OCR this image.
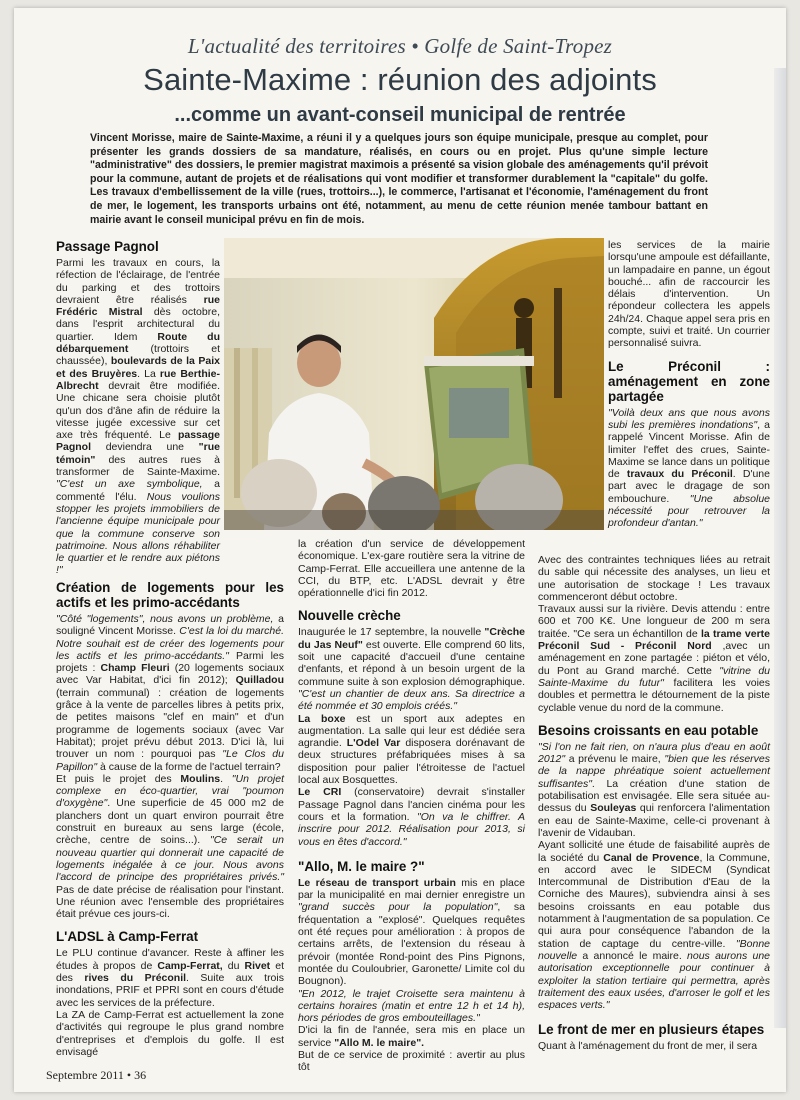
L'actualité des territoires • Golfe de Saint-Tropez
Sainte-Maxime : réunion des adjoints
...comme un avant-conseil municipal de rentrée

Vincent Morisse, maire de Sainte-Maxime, a réuni il y a quelques jours son équipe municipale, presque au complet, pour présenter les grands dossiers de sa mandature, réalisés, en cours ou en projet. Plus qu'une simple lecture "administrative" des dossiers, le premier magistrat maximois a présenté sa vision globale des aménagements qu'il prévoit pour la commune, autant de projets et de réalisations qui vont modifier et transformer durablement la "capitale" du golfe. Les travaux d'embellissement de la ville (rues, trottoirs...), le commerce, l'artisanat et l'économie, l'aménagement du front de mer, le logement, les transports urbains ont été, notamment, au menu de cette réunion menée tambour battant en mairie avant le conseil municipal prévu en fin de mois.

Passage Pagnol

Parmi les travaux en cours, la réfection de l'éclairage, de l'entrée du parking et des trottoirs devraient être réalisés rue Frédéric Mistral dès octobre, dans l'esprit architectural du quartier. Idem Route du débarquement (trottoirs et chaussée), boulevards de la Paix et des Bruyères. La rue Berthie-Albrecht devrait être modifiée. Une chicane sera choisie plutôt qu'un dos d'âne afin de réduire la vitesse jugée excessive sur cet axe très fréquenté. Le passage Pagnol deviendra une "rue témoin" des autres rues à transformer de Sainte-Maxime. "C'est un axe symbolique, a commenté l'élu. Nous voulions stopper les projets immobiliers de l'ancienne équipe municipale pour que la commune conserve son patrimoine. Nous allons réhabiliter le quartier et le rendre aux piétons !"

Création de logements pour les actifs et les primo-accédants

"Côté "logements", nous avons un problème, a souligné Vincent Morisse. C'est la loi du marché. Notre souhait est de créer des logements pour les actifs et les primo-accédants." Parmi les projets : Champ Fleuri (20 logements sociaux avec Var Habitat, d'ici fin 2012); Quilladou (terrain communal) : création de logements grâce à la vente de parcelles libres à petits prix, de petites maisons "clef en main" et d'un programme de logements sociaux (avec Var Habitat); projet prévu début 2013. D'ici là, lui trouver un nom : pourquoi pas "Le Clos du Papillon" à cause de la forme de l'actuel terrain?

Et puis le projet des Moulins. "Un projet complexe en éco-quartier, vrai "poumon d'oxygène". Une superficie de 45 000 m2 de planchers dont un quart environ pourrait être construit en bureaux au sens large (école, crèche, centre de soins...). "Ce serait un nouveau quartier qui donnerait une capacité de logements inégalée à ce jour. Nous avons l'accord de principe des propriétaires privés." Pas de date précise de réalisation pour l'instant. Une réunion avec l'ensemble des propriétaires était prévue ces jours-ci.

L'ADSL à Camp-Ferrat

Le PLU continue d'avancer. Reste à affiner les études à propos de Camp-Ferrat, du Rivet et des rives du Préconil. Suite aux trois inondations, PRIF et PPRI sont en cours d'étude avec les services de la préfecture.

La ZA de Camp-Ferrat est actuellement la zone d'activités qui regroupe le plus grand nombre d'entreprises et d'emplois du golfe. Il est envisagé

la création d'un service de développement économique. L'ex-gare routière sera la vitrine de Camp-Ferrat. Elle accueillera une antenne de la CCI, du BTP, etc. L'ADSL devrait y être opérationnelle d'ici fin 2012.

Nouvelle crèche

Inaugurée le 17 septembre, la nouvelle "Crèche du Jas Neuf" est ouverte. Elle comprend 60 lits, soit une capacité d'accueil d'une centaine d'enfants, et répond à un besoin urgent de la commune suite à son explosion démographique. "C'est un chantier de deux ans. Sa directrice a été nommée et 30 emplois créés."

La boxe est un sport aux adeptes en augmentation. La salle qui leur est dédiée sera agrandie. L'Odel Var disposera dorénavant de deux structures préfabriquées mises à sa disposition pour palier l'étroitesse de l'actuel local aux Bosquettes.

Le CRI (conservatoire) devrait s'installer Passage Pagnol dans l'ancien cinéma pour les cours et la formation. "On va le chiffrer. A inscrire pour 2012. Réalisation pour 2013, si vous en êtes d'accord."

"Allo, M. le maire ?"

Le réseau de transport urbain mis en place par la municipalité en mai dernier enregistre un "grand succès pour la population", sa fréquentation a "explosé". Quelques requêtes ont été reçues pour amélioration : à propos de certains arrêts, de l'extension du réseau à prévoir (montée Rond-point des Pins Pignons, montée du Couloubrier, Garonette/ Limite col du Bougnon).

"En 2012, le trajet Croisette sera maintenu à certains horaires (matin et entre 12 h et 14 h), hors périodes de gros embouteillages."

D'ici la fin de l'année, sera mis en place un service "Allo M. le maire".

But de ce service de proximité : avertir au plus tôt

les services de la mairie lorsqu'une ampoule est défaillante, un lampadaire en panne, un égout bouché... afin de raccourcir les délais d'intervention. Un répondeur collectera les appels 24h/24. Chaque appel sera pris en compte, suivi et traité. Un courrier personnalisé suivra.

Le Préconil : aménagement en zone partagée

"Voilà deux ans que nous avons subi les premières inondations", a rappelé Vincent Morisse. Afin de limiter l'effet des crues, Sainte-Maxime se lance dans un politique de travaux du Préconil. D'une part avec le dragage de son embouchure. "Une absolue nécessité pour retrouver la profondeur d'antan."

Avec des contraintes techniques liées au retrait du sable qui nécessite des analyses, un lieu et une autorisation de stockage ! Les travaux commenceront début octobre.

Travaux aussi sur la rivière. Devis attendu : entre 600 et 700 K€. Une longueur de 200 m sera traitée. "Ce sera un échantillon de la trame verte Préconil Sud - Préconil Nord ,avec un aménagement en zone partagée : piéton et vélo, du Pont au Grand marché. Cette "vitrine du Sainte-Maxime du futur" facilitera les voies doubles et permettra le détournement de la piste cyclable venue du nord de la commune.

Besoins croissants en eau potable

"Si l'on ne fait rien, on n'aura plus d'eau en août 2012" a prévenu le maire, "bien que les réserves de la nappe phréatique soient actuellement suffisantes". La création d'une station de potabilisation est envisagée. Elle sera située au-dessus du Souleyas qui renforcera l'alimentation en eau de Sainte-Maxime, celle-ci provenant à l'avenir de Vidauban.

Ayant sollicité une étude de faisabilité auprès de la société du Canal de Provence, la Commune, en accord avec le SIDECM (Syndicat Intercommunal de Distribution d'Eau de la Corniche des Maures), subviendra ainsi à ses besoins croissants en eau potable dus notamment à l'augmentation de sa population. Ce qui aura pour conséquence l'abandon de la station de captage du centre-ville. "Bonne nouvelle a annoncé le maire. nous aurons une autorisation exceptionnelle pour continuer à exploiter la station tertiaire qui permettra, après traitement des eaux usées, d'arroser le golf et les espaces verts."

Le front de mer en plusieurs étapes

Quant à l'aménagement du front de mer, il sera

Septembre 2011 • 36
